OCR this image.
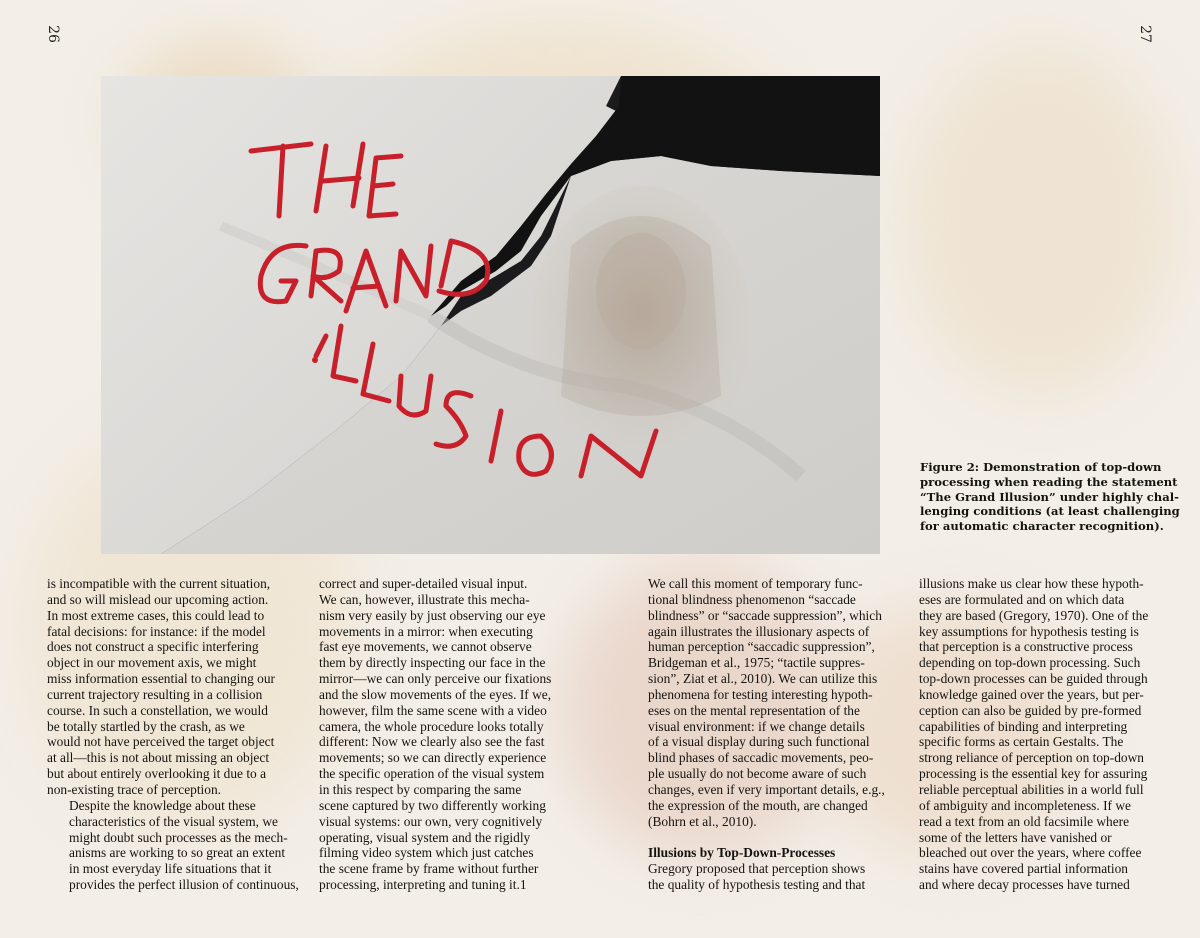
26	27
Figure 2: Demonstration of top-down
processing when reading the statement
“The Grand Illusion” under highly chal-
lenging conditions (at least challenging
for automatic character recognition).

is incompatible with the current situation,
and so will mislead our upcoming action.
In most extreme cases, this could lead to
fatal decisions: for instance: if the model
does not construct a specific interfering
object in our movement axis, we might
miss information essential to changing our
current trajectory resulting in a collision
course. In such a constellation, we would
be totally startled by the crash, as we
would not have perceived the target object
at all—this is not about missing an object
but about entirely overlooking it due to a
non-existing trace of perception.

Despite the knowledge about these
characteristics of the visual system, we
might doubt such processes as the mech-
anisms are working to so great an extent
in most everyday life situations that it
provides the perfect illusion of continuous,

correct and super-detailed visual input.
We can, however, illustrate this mecha-
nism very easily by just observing our eye
movements in a mirror: when executing
fast eye movements, we cannot observe
them by directly inspecting our face in the
mirror—we can only perceive our fixations
and the slow movements of the eyes. If we,
however, film the same scene with a video
camera, the whole procedure looks totally
different: Now we clearly also see the fast
movements; so we can directly experience
the specific operation of the visual system
in this respect by comparing the same
scene captured by two differently working
visual systems: our own, very cognitively
operating, visual system and the rigidly
filming video system which just catches
the scene frame by frame without further
processing, interpreting and tuning it.1

We call this moment of temporary func-
tional blindness phenomenon “saccade
blindness” or “saccade suppression”, which
again illustrates the illusionary aspects of
human perception “saccadic suppression”,
Bridgeman et al., 1975; “tactile suppres-
sion”, Ziat et al., 2010). We can utilize this
phenomena for testing interesting hypoth-
eses on the mental representation of the
visual environment: if we change details
of a visual display during such functional
blind phases of saccadic movements, peo-
ple usually do not become aware of such
changes, even if very important details, e.g.,
the expression of the mouth, are changed
(Bohrn et al., 2010).

Illusions by Top-Down-Processes

Gregory proposed that perception shows
the quality of hypothesis testing and that

illusions make us clear how these hypoth-
eses are formulated and on which data
they are based (Gregory, 1970). One of the
key assumptions for hypothesis testing is
that perception is a constructive process
depending on top-down processing. Such
top-down processes can be guided through
knowledge gained over the years, but per-
ception can also be guided by pre-formed
capabilities of binding and interpreting
specific forms as certain Gestalts. The
strong reliance of perception on top-down
processing is the essential key for assuring
reliable perceptual abilities in a world full
of ambiguity and incompleteness. If we
read a text from an old facsimile where
some of the letters have vanished or
bleached out over the years, where coffee
stains have covered partial information
and where decay processes have turned
